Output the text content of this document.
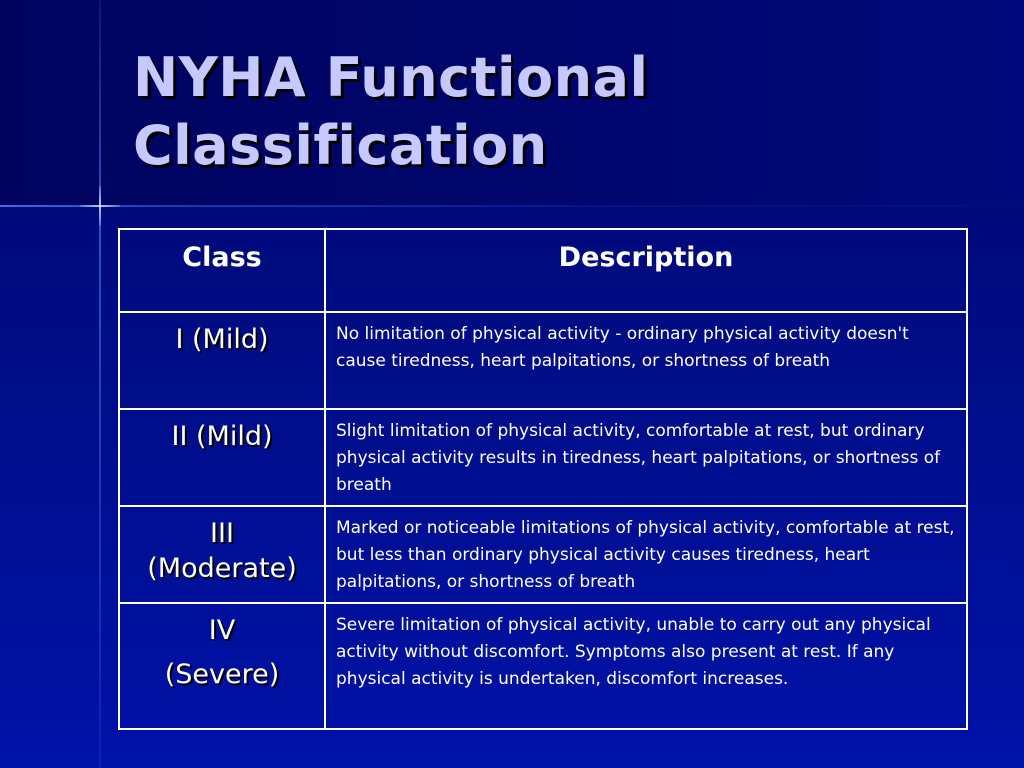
NYHA Functional
Classification
Class	Description

I (Mild)	No limitation of physical activity - ordinary physical activity doesn't cause tiredness, heart palpitations, or shortness of breath

II (Mild)	Slight limitation of physical activity, comfortable at rest, but ordinary physical activity results in tiredness, heart palpitations, or shortness of breath

III
(Moderate)	Marked or noticeable limitations of physical activity, comfortable at rest, but less than ordinary physical activity causes tiredness, heart palpitations, or shortness of breath

IV
(Severe)	Severe limitation of physical activity, unable to carry out any physical activity without discomfort. Symptoms also present at rest. If any physical activity is undertaken, discomfort increases.
